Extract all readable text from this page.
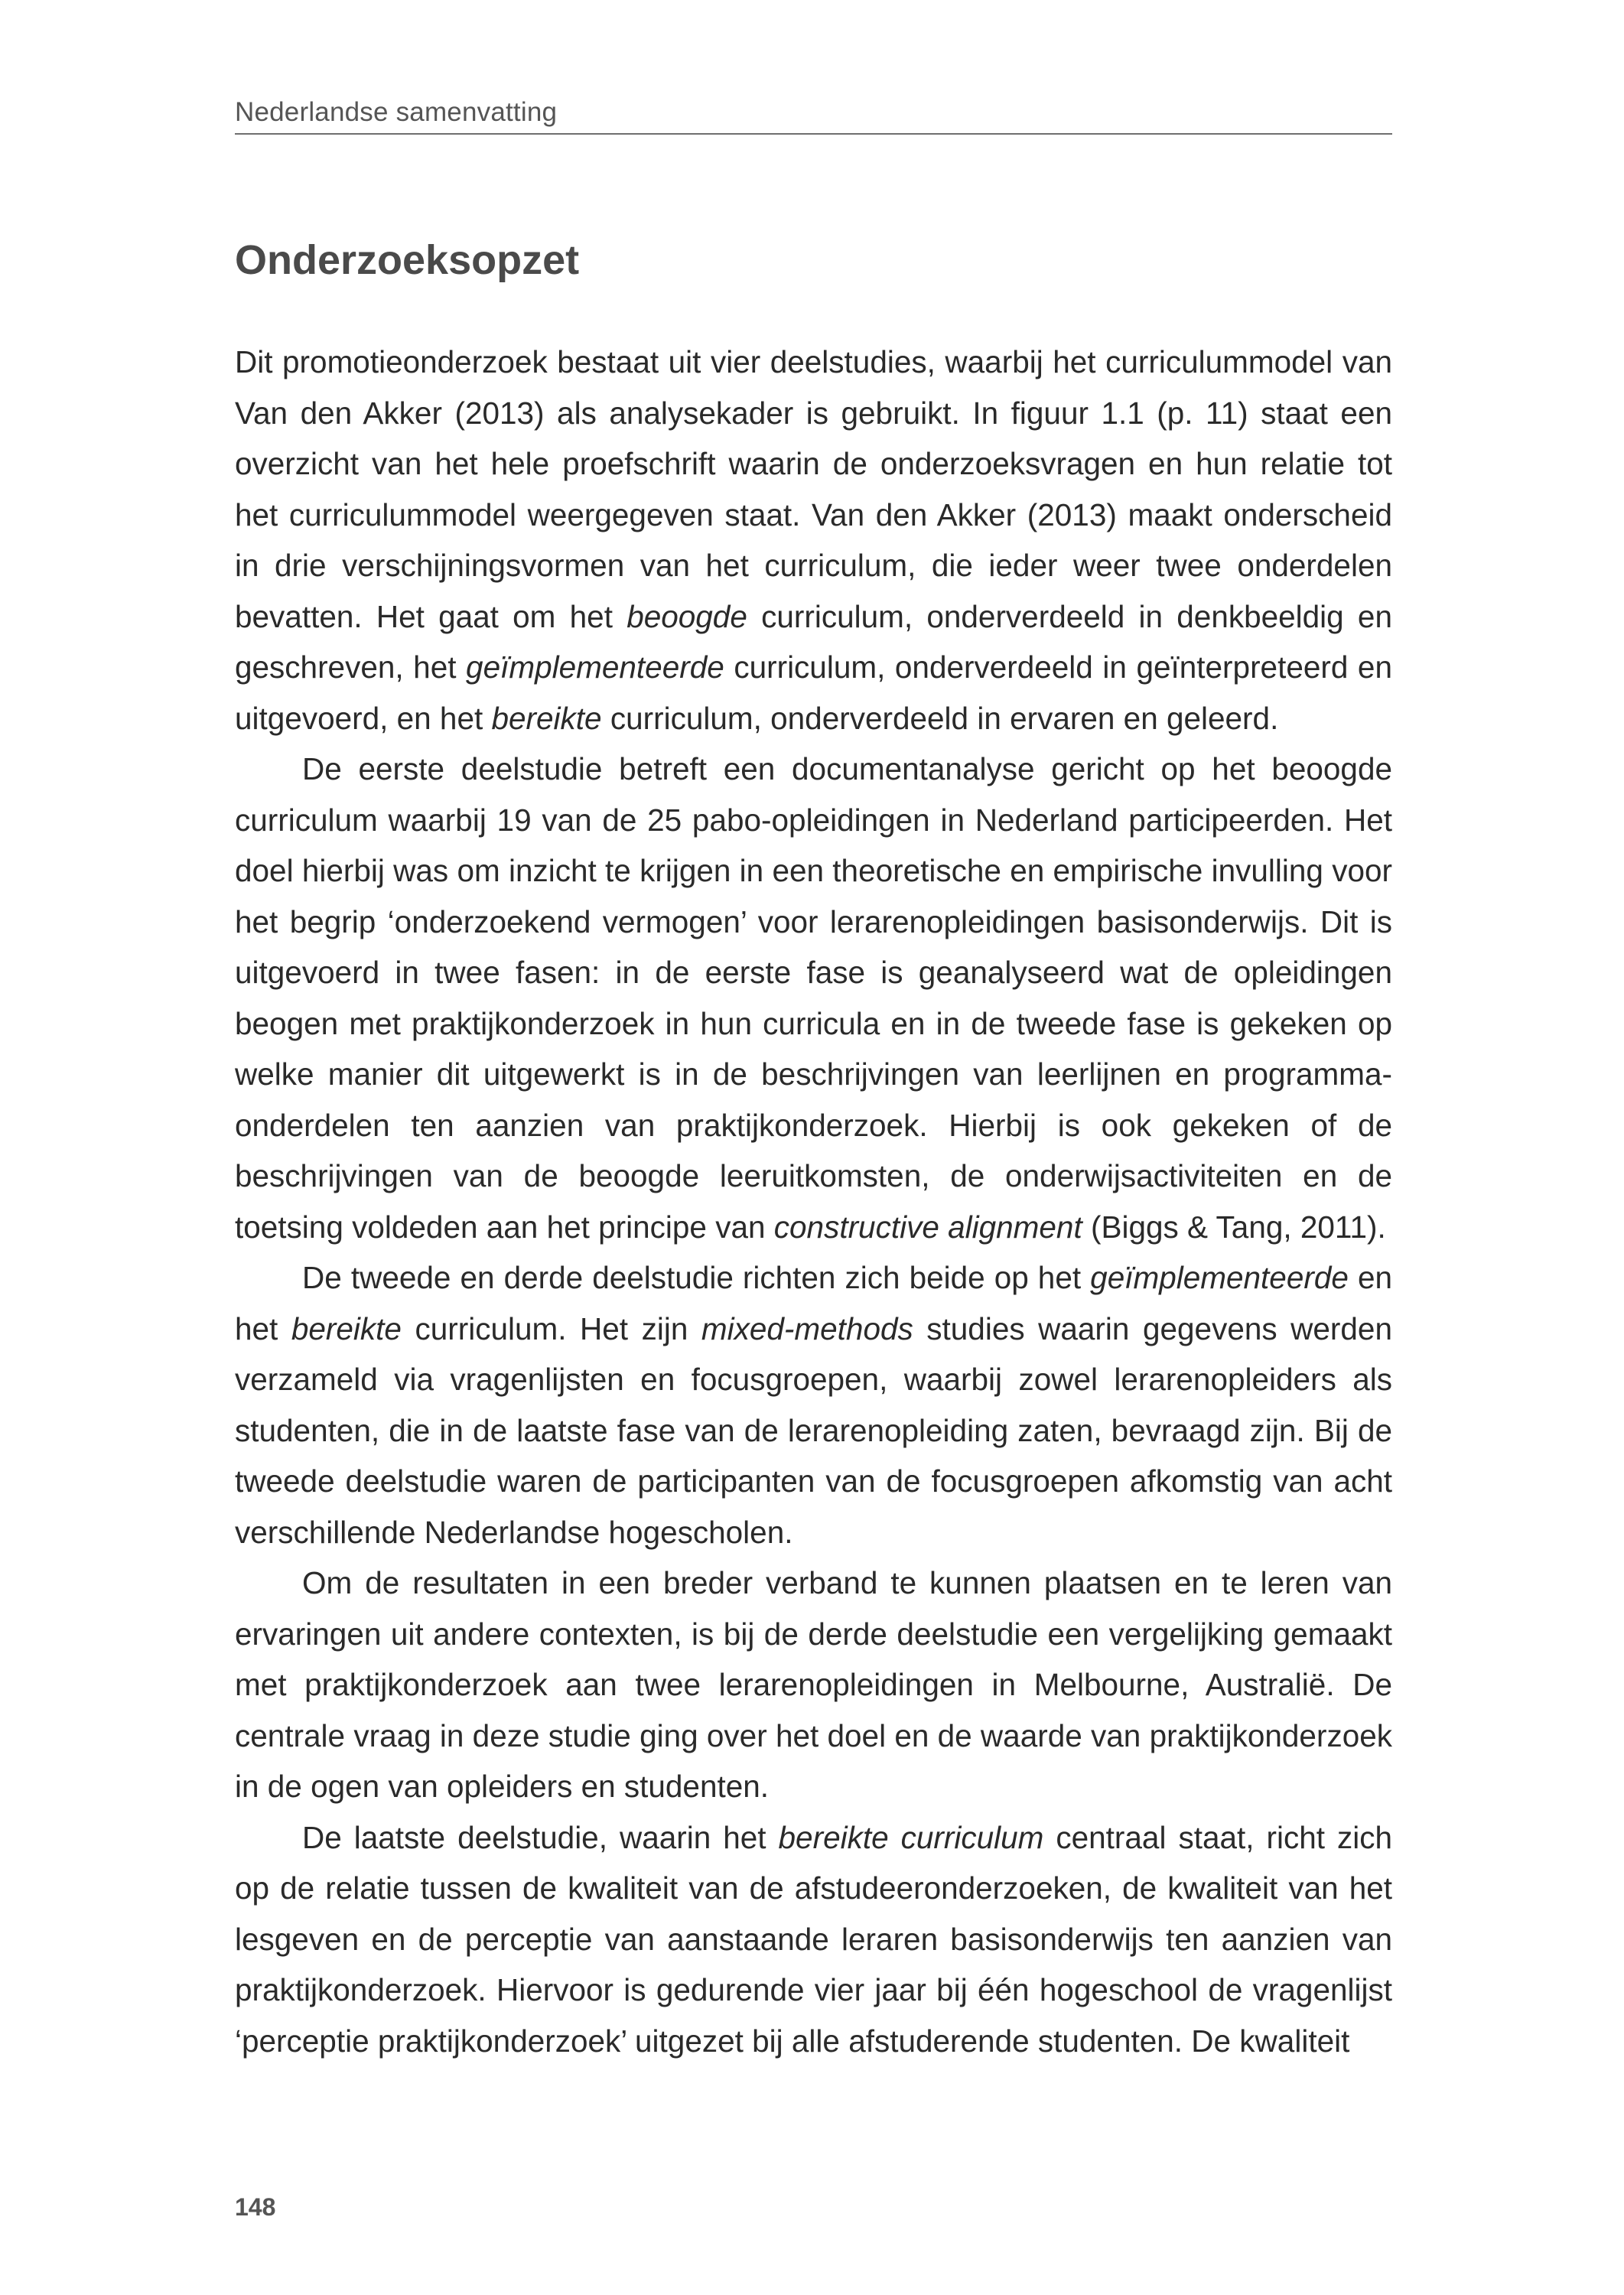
Nederlandse samenvatting
Onderzoeksopzet

Dit promotieonderzoek bestaat uit vier deelstudies, waarbij het curriculummodel van Van den Akker (2013) als analysekader is gebruikt. In figuur 1.1 (p. 11) staat een overzicht van het hele proefschrift waarin de onderzoeksvragen en hun relatie tot het curriculummodel weergegeven staat. Van den Akker (2013) maakt onderscheid in drie verschijningsvormen van het curriculum, die ieder weer twee onderdelen bevatten. Het gaat om het beoogde curriculum, onderverdeeld in denkbeeldig en geschreven, het geïmplementeerde curriculum, onderverdeeld in geïnterpreteerd en uitgevoerd, en het bereikte curriculum, onderverdeeld in ervaren en geleerd.

De eerste deelstudie betreft een documentanalyse gericht op het beoogde curriculum waarbij 19 van de 25 pabo-opleidingen in Nederland participeerden. Het doel hierbij was om inzicht te krijgen in een theoretische en empirische invulling voor het begrip ‘onderzoekend vermogen’ voor lerarenopleidingen basisonderwijs. Dit is uitgevoerd in twee fasen: in de eerste fase is geanalyseerd wat de opleidingen beogen met praktijkonderzoek in hun curricula en in de tweede fase is gekeken op welke manier dit uitgewerkt is in de beschrijvingen van leerlijnen en programma-onderdelen ten aanzien van praktijkonderzoek. Hierbij is ook gekeken of de beschrijvingen van de beoogde leeruitkomsten, de onderwijsactiviteiten en de toetsing voldeden aan het principe van constructive alignment (Biggs & Tang, 2011).

De tweede en derde deelstudie richten zich beide op het geïmplementeerde en het bereikte curriculum. Het zijn mixed-methods studies waarin gegevens werden verzameld via vragenlijsten en focusgroepen, waarbij zowel lerarenopleiders als studenten, die in de laatste fase van de lerarenopleiding zaten, bevraagd zijn. Bij de tweede deelstudie waren de participanten van de focusgroepen afkomstig van acht verschillende Nederlandse hogescholen.

Om de resultaten in een breder verband te kunnen plaatsen en te leren van ervaringen uit andere contexten, is bij de derde deelstudie een vergelijking gemaakt met praktijkonderzoek aan twee lerarenopleidingen in Melbourne, Australië. De centrale vraag in deze studie ging over het doel en de waarde van praktijkonderzoek in de ogen van opleiders en studenten.

De laatste deelstudie, waarin het bereikte curriculum centraal staat, richt zich op de relatie tussen de kwaliteit van de afstudeeronderzoeken, de kwaliteit van het lesgeven en de perceptie van aanstaande leraren basisonderwijs ten aanzien van praktijkonderzoek. Hiervoor is gedurende vier jaar bij één hogeschool de vragenlijst ‘perceptie praktijkonderzoek’ uitgezet bij alle afstuderende studenten. De kwaliteit

148
